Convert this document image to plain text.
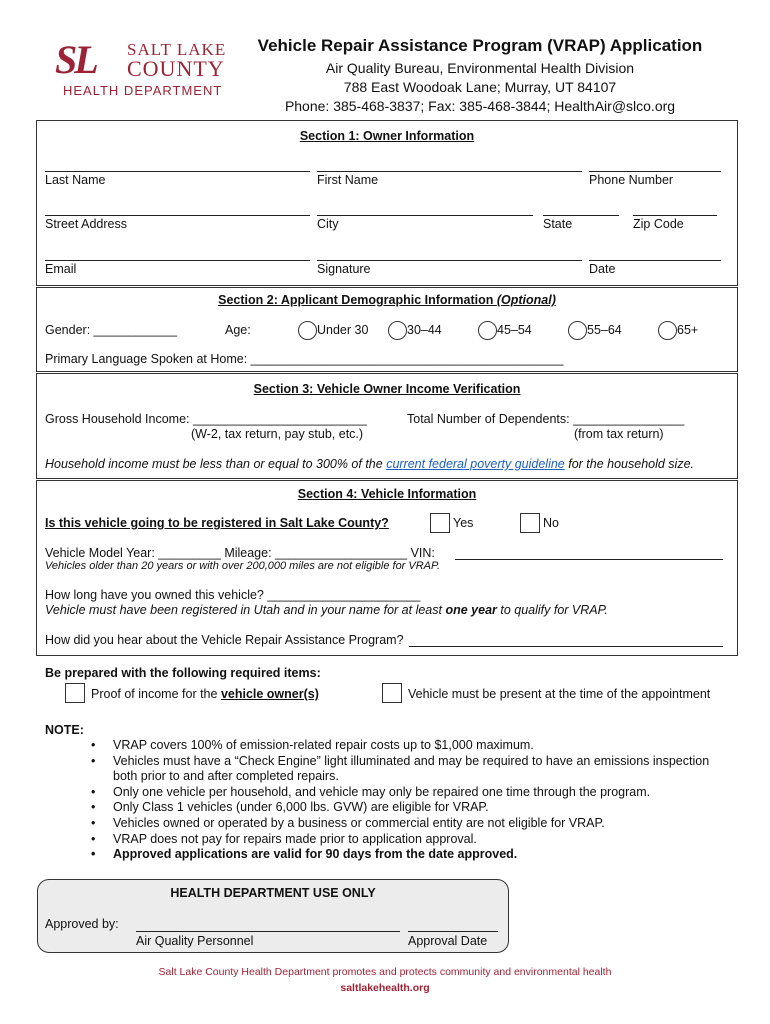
SL SALT LAKE
COUNTY
HEALTH DEPARTMENT
Vehicle Repair Assistance Program (VRAP) Application
Air Quality Bureau, Environmental Health Division
788 East Woodoak Lane; Murray, UT 84107
Phone: 385-468-3837; Fax: 385-468-3844; HealthAir@slco.org
Section 1: Owner Information
Last Name	First Name	Phone Number
Street Address	City	State	Zip Code
Email	Signature	Date
Section 2: Applicant Demographic Information (Optional)
Gender: ____________	Age:	Under 30	30–44	45–54	55–64	65+
Primary Language Spoken at Home: _____________________________________________
Section 3: Vehicle Owner Income Verification
Gross Household Income: _________________________
(W-2, tax return, pay stub, etc.)
Total Number of Dependents: ________________
(from tax return)
Household income must be less than or equal to 300% of the current federal poverty guideline for the household size.
Section 4: Vehicle Information
Is this vehicle going to be registered in Salt Lake County?	Yes	No
Vehicle Model Year: _________ Mileage: ___________________ VIN:
Vehicles older than 20 years or with over 200,000 miles are not eligible for VRAP.
How long have you owned this vehicle? ______________________
Vehicle must have been registered in Utah and in your name for at least one year to qualify for VRAP.
How did you hear about the Vehicle Repair Assistance Program?
Be prepared with the following required items:
Proof of income for the vehicle owner(s)	Vehicle must be present at the time of the appointment
NOTE:
• VRAP covers 100% of emission-related repair costs up to $1,000 maximum.
• Vehicles must have a “Check Engine” light illuminated and may be required to have an emissions inspection both prior to and after completed repairs.
• Only one vehicle per household, and vehicle may only be repaired one time through the program.
• Only Class 1 vehicles (under 6,000 lbs. GVW) are eligible for VRAP.
• Vehicles owned or operated by a business or commercial entity are not eligible for VRAP.
• VRAP does not pay for repairs made prior to application approval.
• Approved applications are valid for 90 days from the date approved.
HEALTH DEPARTMENT USE ONLY
Approved by:
Air Quality Personnel	Approval Date
Salt Lake County Health Department promotes and protects community and environmental health
saltlakehealth.org
